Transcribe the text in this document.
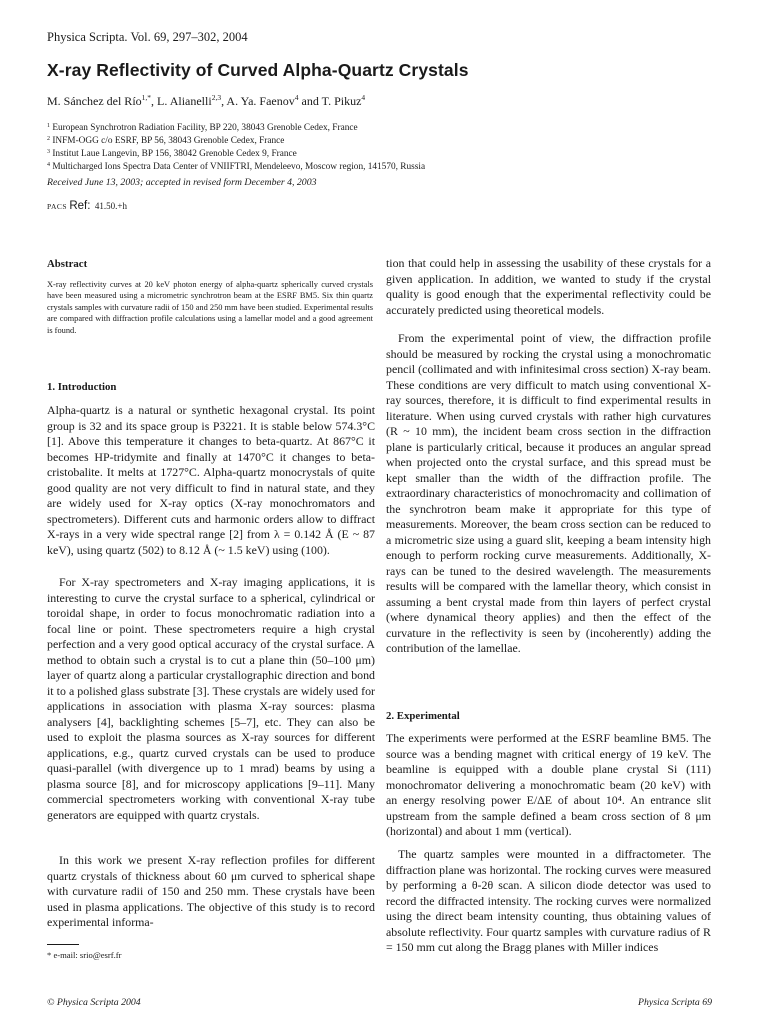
Physica Scripta. Vol. 69, 297–302, 2004
X-ray Reflectivity of Curved Alpha-Quartz Crystals
M. Sánchez del Río$^{1,*}$, L. Alianelli$^{2,3}$, A. Ya. Faenov$^4$ and T. Pikuz$^4$
$^1$ European Synchrotron Radiation Facility, BP 220, 38043 Grenoble Cedex, France
$^2$ INFM-OGG c/o ESRF, BP 56, 38043 Grenoble Cedex, France
$^3$ Institut Laue Langevin, BP 156, 38042 Grenoble Cedex 9, France
$^4$ Multicharged Ions Spectra Data Center of VNIIFTRI, Mendeleevo, Moscow region, 141570, Russia
Received June 13, 2003; accepted in revised form December 4, 2003
PACS Ref: 41.50.+h
Abstract
X-ray reflectivity curves at 20 keV photon energy of alpha-quartz spherically curved crystals have been measured using a micrometric synchrotron beam at the ESRF BM5. Six thin quartz crystals samples with curvature radii of 150 and 250 mm have been studied. Experimental results are compared with diffraction profile calculations using a lamellar model and a good agreement is found.
1. Introduction

Alpha-quartz is a natural or synthetic hexagonal crystal. Its point group is 32 and its space group is P3221. It is stable below 574.3°C [1]. Above this temperature it changes to beta-quartz. At 867°C it becomes HP-tridymite and finally at 1470°C it changes to beta-cristobalite. It melts at 1727°C. Alpha-quartz monocrystals of quite good quality are not very difficult to find in natural state, and they are widely used for X-ray optics (X-ray monochromators and spectrometers). Different cuts and harmonic orders allow to diffract X-rays in a very wide spectral range [2] from λ = 0.142 Å (E ~ 87 keV), using quartz (502) to 8.12 Å (~ 1.5 keV) using (100).

For X-ray spectrometers and X-ray imaging applications, it is interesting to curve the crystal surface to a spherical, cylindrical or toroidal shape, in order to focus monochromatic radiation into a focal line or point. These spectrometers require a high crystal perfection and a very good optical accuracy of the crystal surface. A method to obtain such a crystal is to cut a plane thin (50–100 μm) layer of quartz along a particular crystallographic direction and bond it to a polished glass substrate [3]. These crystals are widely used for applications in association with plasma X-ray sources: plasma analysers [4], backlighting schemes [5–7], etc. They can also be used to exploit the plasma sources as X-ray sources for different applications, e.g., quartz curved crystals can be used to produce quasi-parallel (with divergence up to 1 mrad) beams by using a plasma source [8], and for microscopy applications [9–11]. Many commercial spectrometers working with conventional X-ray tube generators are equipped with quartz crystals.

In this work we present X-ray reflection profiles for different quartz crystals of thickness about 60 μm curved to spherical shape with curvature radii of 150 and 250 mm. These crystals have been used in plasma applications. The objective of this study is to record experimental informa-

* e-mail: srio@esrf.fr

tion that could help in assessing the usability of these crystals for a given application. In addition, we wanted to study if the crystal quality is good enough that the experimental reflectivity could be accurately predicted using theoretical models.

From the experimental point of view, the diffraction profile should be measured by rocking the crystal using a monochromatic pencil (collimated and with infinitesimal cross section) X-ray beam. These conditions are very difficult to match using conventional X-ray sources, therefore, it is difficult to find experimental results in literature. When using curved crystals with rather high curvatures (R ~ 10 mm), the incident beam cross section in the diffraction plane is particularly critical, because it produces an angular spread when projected onto the crystal surface, and this spread must be kept smaller than the width of the diffraction profile. The extraordinary characteristics of monochromacity and collimation of the synchrotron beam make it appropriate for this type of measurements. Moreover, the beam cross section can be reduced to a micrometric size using a guard slit, keeping a beam intensity high enough to perform rocking curve measurements. Additionally, X-rays can be tuned to the desired wavelength. The measurements results will be compared with the lamellar theory, which consist in assuming a bent crystal made from thin layers of perfect crystal (where dynamical theory applies) and then the effect of the curvature in the reflectivity is seen by (incoherently) adding the contribution of the lamellae.

2. Experimental

The experiments were performed at the ESRF beamline BM5. The source was a bending magnet with critical energy of 19 keV. The beamline is equipped with a double plane crystal Si (111) monochromator delivering a monochromatic beam (20 keV) with an energy resolving power E/ΔE of about 10⁴. An entrance slit upstream from the sample defined a beam cross section of 8 μm (horizontal) and about 1 mm (vertical).

The quartz samples were mounted in a diffractometer. The diffraction plane was horizontal. The rocking curves were measured by performing a θ-2θ scan. A silicon diode detector was used to record the diffracted intensity. The rocking curves were normalized using the direct beam intensity counting, thus obtaining values of absolute reflectivity. Four quartz samples with curvature radius of R = 150 mm cut along the Bragg planes with Miller indices

© Physica Scripta 2004	Physica Scripta 69
